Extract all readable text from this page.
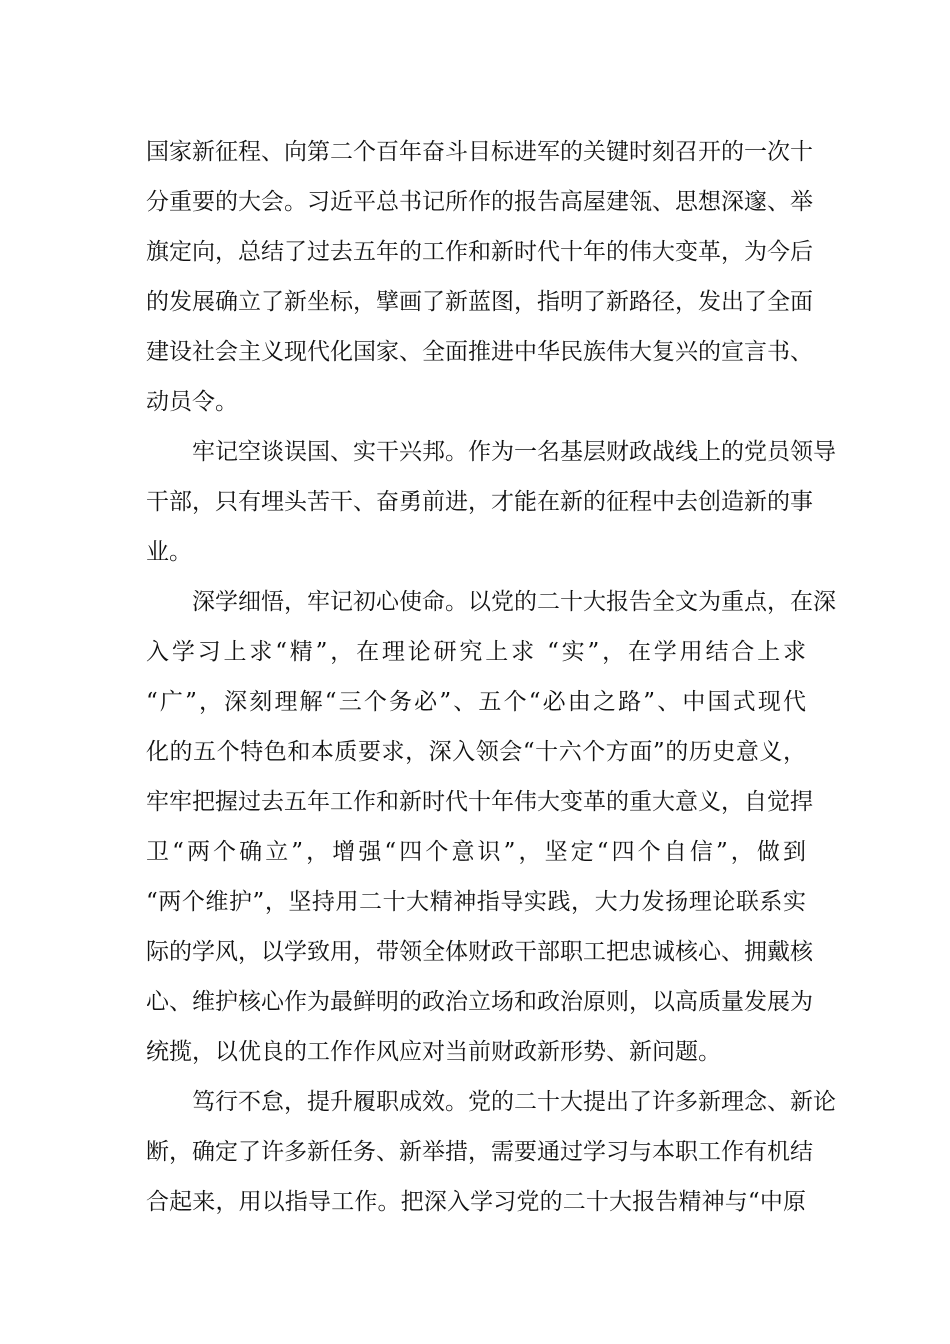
国家新征程、向第二个百年奋斗目标进军的关键时刻召开的一次十
分重要的大会。习近平总书记所作的报告高屋建瓴、思想深邃、举
旗定向，总结了过去五年的工作和新时代十年的伟大变革，为今后
的发展确立了新坐标，擘画了新蓝图，指明了新路径，发出了全面
建设社会主义现代化国家、全面推进中华民族伟大复兴的宣言书、
动员令。
　　牢记空谈误国、实干兴邦。作为一名基层财政战线上的党员领导
干部，只有埋头苦干、奋勇前进，才能在新的征程中去创造新的事
业。
　　深学细悟，牢记初心使命。以党的二十大报告全文为重点，在深
入学习上求“精”，在理论研究上求 “实”，在学用结合上求
“广”，深刻理解“三个务必”、五个“必由之路”、中国式现代
化的五个特色和本质要求，深入领会“十六个方面”的历史意义，
牢牢把握过去五年工作和新时代十年伟大变革的重大意义，自觉捍
卫“两个确立”，增强“四个意识”，坚定“四个自信”，做到
“两个维护”，坚持用二十大精神指导实践，大力发扬理论联系实
际的学风，以学致用，带领全体财政干部职工把忠诚核心、拥戴核
心、维护核心作为最鲜明的政治立场和政治原则，以高质量发展为
统揽，以优良的工作作风应对当前财政新形势、新问题。
　　笃行不怠，提升履职成效。党的二十大提出了许多新理念、新论
断，确定了许多新任务、新举措，需要通过学习与本职工作有机结
合起来，用以指导工作。把深入学习党的二十大报告精神与“中原
